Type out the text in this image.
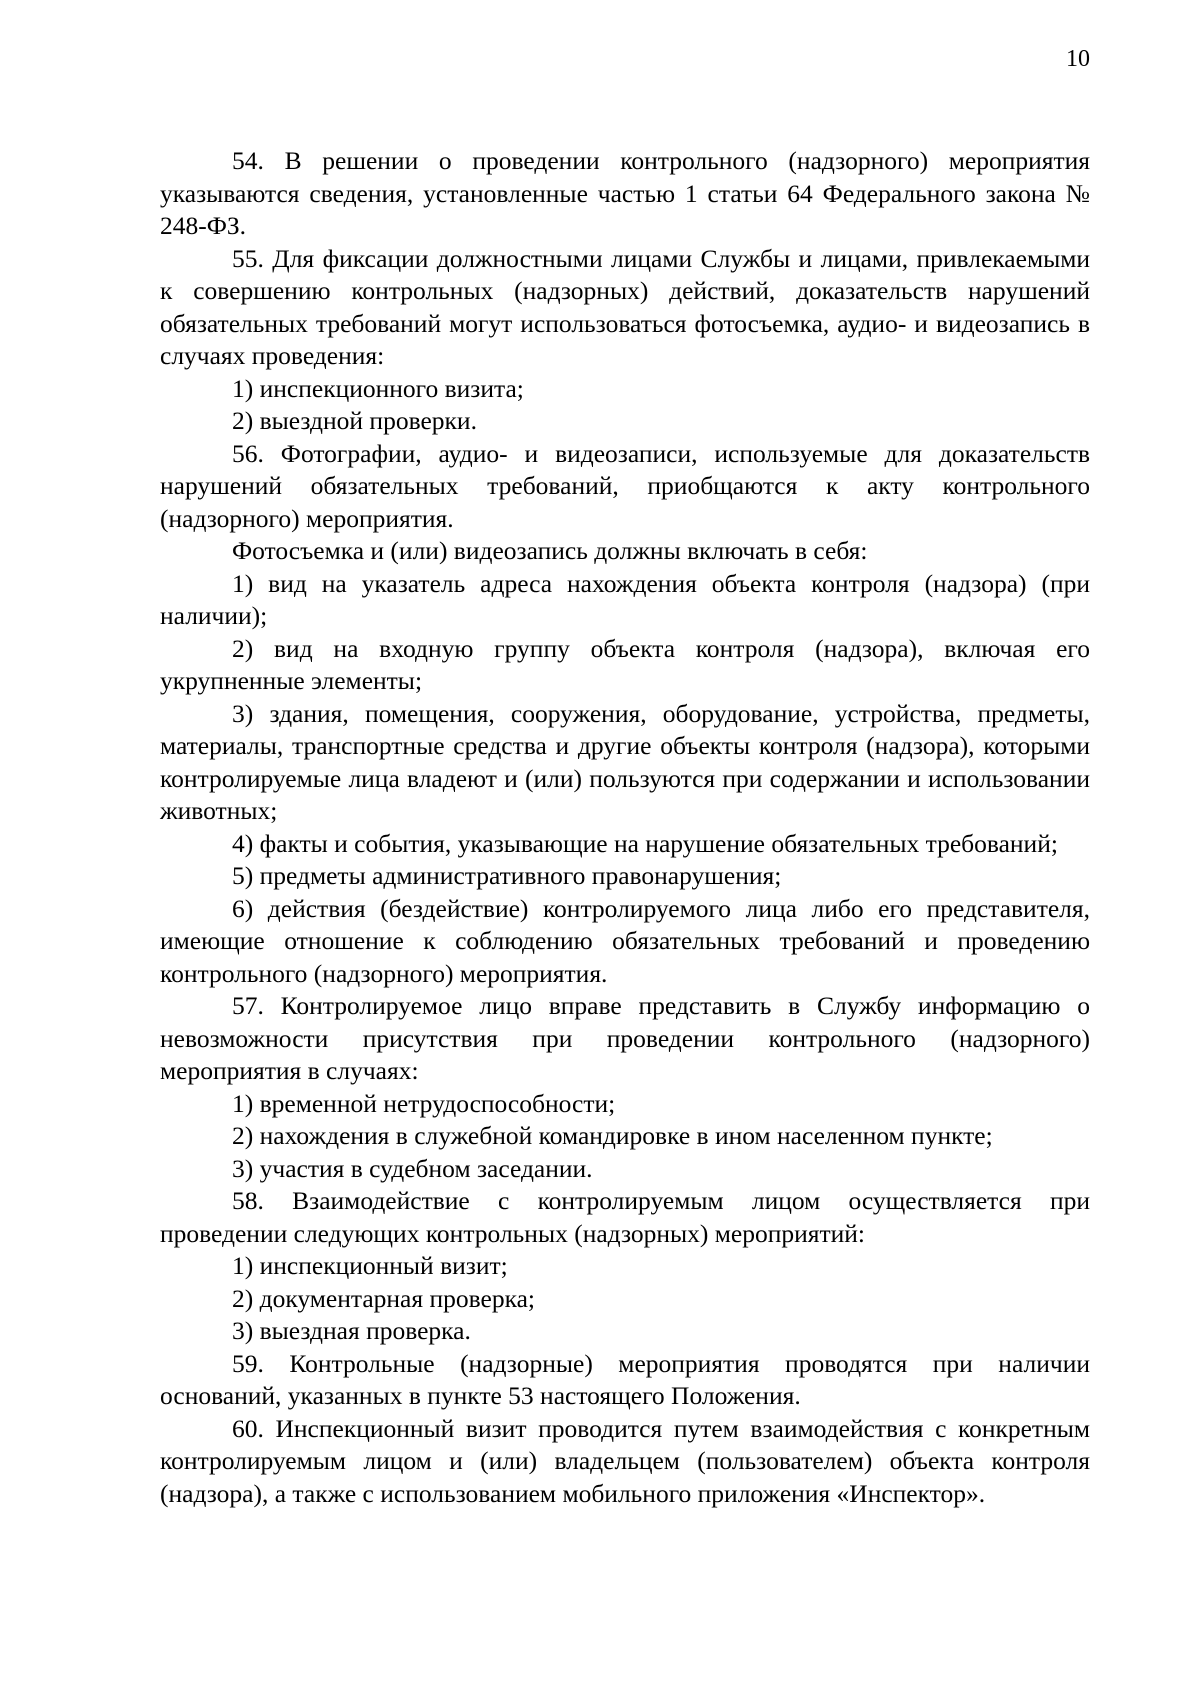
10

54. В решении о проведении контрольного (надзорного) мероприятия указываются сведения, установленные частью 1 статьи 64 Федерального закона № 248-ФЗ.

55. Для фиксации должностными лицами Службы и лицами, привлекаемыми к совершению контрольных (надзорных) действий, доказательств нарушений обязательных требований могут использоваться фотосъемка, аудио- и видеозапись в случаях проведения:

1) инспекционного визита;

2) выездной проверки.

56. Фотографии, аудио- и видеозаписи, используемые для доказательств нарушений обязательных требований, приобщаются к акту контрольного (надзорного) мероприятия.

Фотосъемка и (или) видеозапись должны включать в себя:

1) вид на указатель адреса нахождения объекта контроля (надзора) (при наличии);

2) вид на входную группу объекта контроля (надзора), включая его укрупненные элементы;

3) здания, помещения, сооружения, оборудование, устройства, предметы, материалы, транспортные средства и другие объекты контроля (надзора), которыми контролируемые лица владеют и (или) пользуются при содержании и использовании животных;

4) факты и события, указывающие на нарушение обязательных требований;

5) предметы административного правонарушения;

6) действия (бездействие) контролируемого лица либо его представителя, имеющие отношение к соблюдению обязательных требований и проведению контрольного (надзорного) мероприятия.

57. Контролируемое лицо вправе представить в Службу информацию о невозможности присутствия при проведении контрольного (надзорного) мероприятия в случаях:

1) временной нетрудоспособности;

2) нахождения в служебной командировке в ином населенном пункте;

3) участия в судебном заседании.

58. Взаимодействие с контролируемым лицом осуществляется при проведении следующих контрольных (надзорных) мероприятий:

1) инспекционный визит;

2) документарная проверка;

3) выездная проверка.

59. Контрольные (надзорные) мероприятия проводятся при наличии оснований, указанных в пункте 53 настоящего Положения.

60. Инспекционный визит проводится путем взаимодействия с конкретным контролируемым лицом и (или) владельцем (пользователем) объекта контроля (надзора), а также с использованием мобильного приложения «Инспектор».
